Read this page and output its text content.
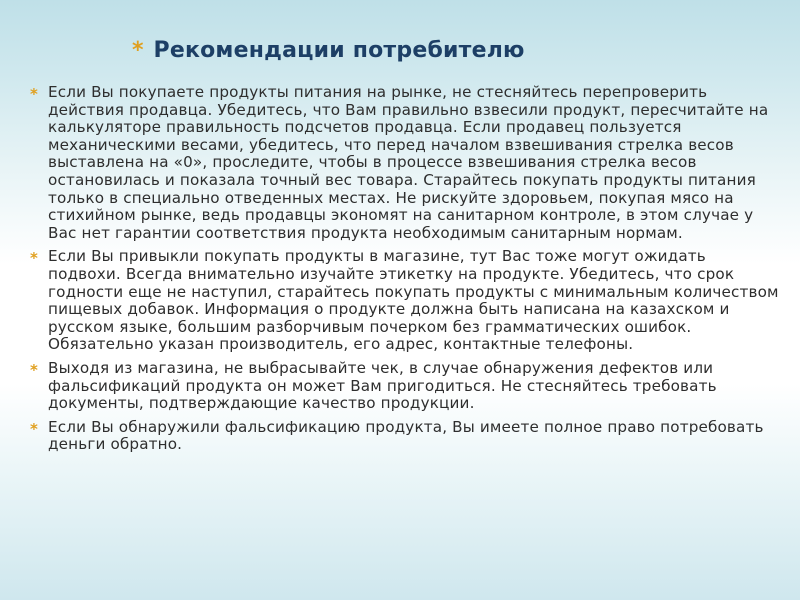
* Рекомендации потребителю
* Если Вы покупаете продукты питания на рынке, не стесняйтесь перепроверить действия продавца. Убедитесь, что Вам правильно взвесили продукт, пересчитайте на калькуляторе правильность подсчетов продавца. Если продавец пользуется механическими весами, убедитесь, что перед началом взвешивания стрелка весов выставлена на «0», проследите, чтобы в процессе взвешивания стрелка весов остановилась и показала точный вес товара. Старайтесь покупать продукты питания только в специально отведенных местах. Не рискуйте здоровьем, покупая мясо на стихийном рынке, ведь продавцы экономят на санитарном контроле, в этом случае у Вас нет гарантии соответствия продукта необходимым санитарным нормам.
* Если Вы привыкли покупать продукты в магазине, тут Вас тоже могут ожидать подвохи. Всегда внимательно изучайте этикетку на продукте. Убедитесь, что срок годности еще не наступил, старайтесь покупать продукты с минимальным количеством пищевых добавок. Информация о продукте должна быть написана на казахском и русском языке, большим разборчивым почерком без грамматических ошибок. Обязательно указан производитель, его адрес, контактные телефоны.
* Выходя из магазина, не выбрасывайте чек, в случае обнаружения дефектов или фальсификаций продукта он может Вам пригодиться. Не стесняйтесь требовать документы, подтверждающие качество продукции.
* Если Вы обнаружили фальсификацию продукта, Вы имеете полное право потребовать деньги обратно.
